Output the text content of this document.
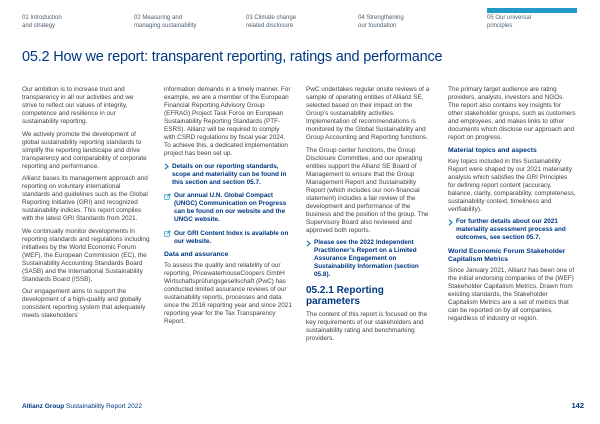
01 Introduction
and strategy
02 Measuring and
managing sustainability
03 Climate change
related disclosure
04 Strengthening
our foundation
05 Our universal
principles
05.2 How we report: transparent reporting, ratings and performance

Our ambition is to increase trust and transparency in all our activities and we strive to reflect our values of integrity, competence and resilience in our sustainability reporting.

We actively promote the development of global sustainability reporting standards to simplify the reporting landscape and drive transparency and comparability of corporate reporting and performance.

Allianz bases its management approach and reporting on voluntary international standards and guidelines such as the Global Reporting Initiative (GRI) and recognized sustainability indices. This report complies with the latest GRI Standards from 2021.

We continually monitor developments in reporting standards and regulations including initiatives by the World Economic Forum (WEF), the European Commission (EC), the Sustainability Accounting Standards Board (SASB) and the International Sustainability Standards Board (ISSB).

Our engagement aims to support the development of a high-quality and globally consistent reporting system that adequately meets stakeholders’

information demands in a timely manner. For example, we are a member of the European Financial Reporting Advisory Group (EFRAG) Project Task Force on European Sustainability Reporting Standards (PTF-ESRS). Allianz will be required to comply with CSRD regulations by fiscal year 2024. To achieve this, a dedicated implementation project has been set up.

Details on our reporting standards, scope and materiality can be found in this section and section 05.7.
Our annual U.N. Global Compact (UNGC) Communication on Progress can be found on our website and the UNGC website.
Our GRI Content Index is available on our website.
Data and assurance

To assess the quality and reliability of our reporting, PricewaterhouseCoopers GmbH Wirtschaftsprüfungsgesellschaft (PwC) has conducted limited assurance reviews of our sustainability reports, processes and data since the 2016 reporting year and since 2021 reporting year for the Tax Transparency Report.

PwC undertakes regular onsite reviews of a sample of operating entities of Allianz SE, selected based on their impact on the Group’s sustainability activities. Implementation of recommendations is monitored by the Global Sustainability and Group Accounting and Reporting functions.

The Group center functions, the Group Disclosure Committee, and our operating entities support the Allianz SE Board of Management to ensure that the Group Management Report and Sustainability Report (which includes our non-financial statement) includes a fair review of the development and performance of the business and the position of the group. The Supervisory Board also reviewed and approved both reports.

Please see the 2022 Independent Practitioner’s Report on a Limited Assurance Engagement on Sustainability Information (section 05.8).
05.2.1 Reporting parameters

The content of this report is focused on the key requirements of our stakeholders and sustainability rating and benchmarking providers.

The primary target audience are rating providers, analysts, investors and NGOs. The report also contains key insights for other stakeholder groups, such as customers and employees, and makes links to other documents which disclose our approach and report on progress.

Material topics and aspects

Key topics included in this Sustainability Report were shaped by our 2021 materiality analysis which satisfies the GRI Principles for defining report content (accuracy, balance, clarity, comparability, completeness, sustainability context, timeliness and verifiability).

For further details about our 2021 materiality assessment process and outcomes, see section 05.7.
World Economic Forum Stakeholder Capitalism Metrics

Since January 2021, Allianz has been one of the initial endorsing companies of the (WEF) Stakeholder Capitalism Metrics. Drawn from existing standards, the Stakeholder Capitalism Metrics are a set of metrics that can be reported on by all companies, regardless of industry or region.

Allianz Group Sustainability Report 2022	142
